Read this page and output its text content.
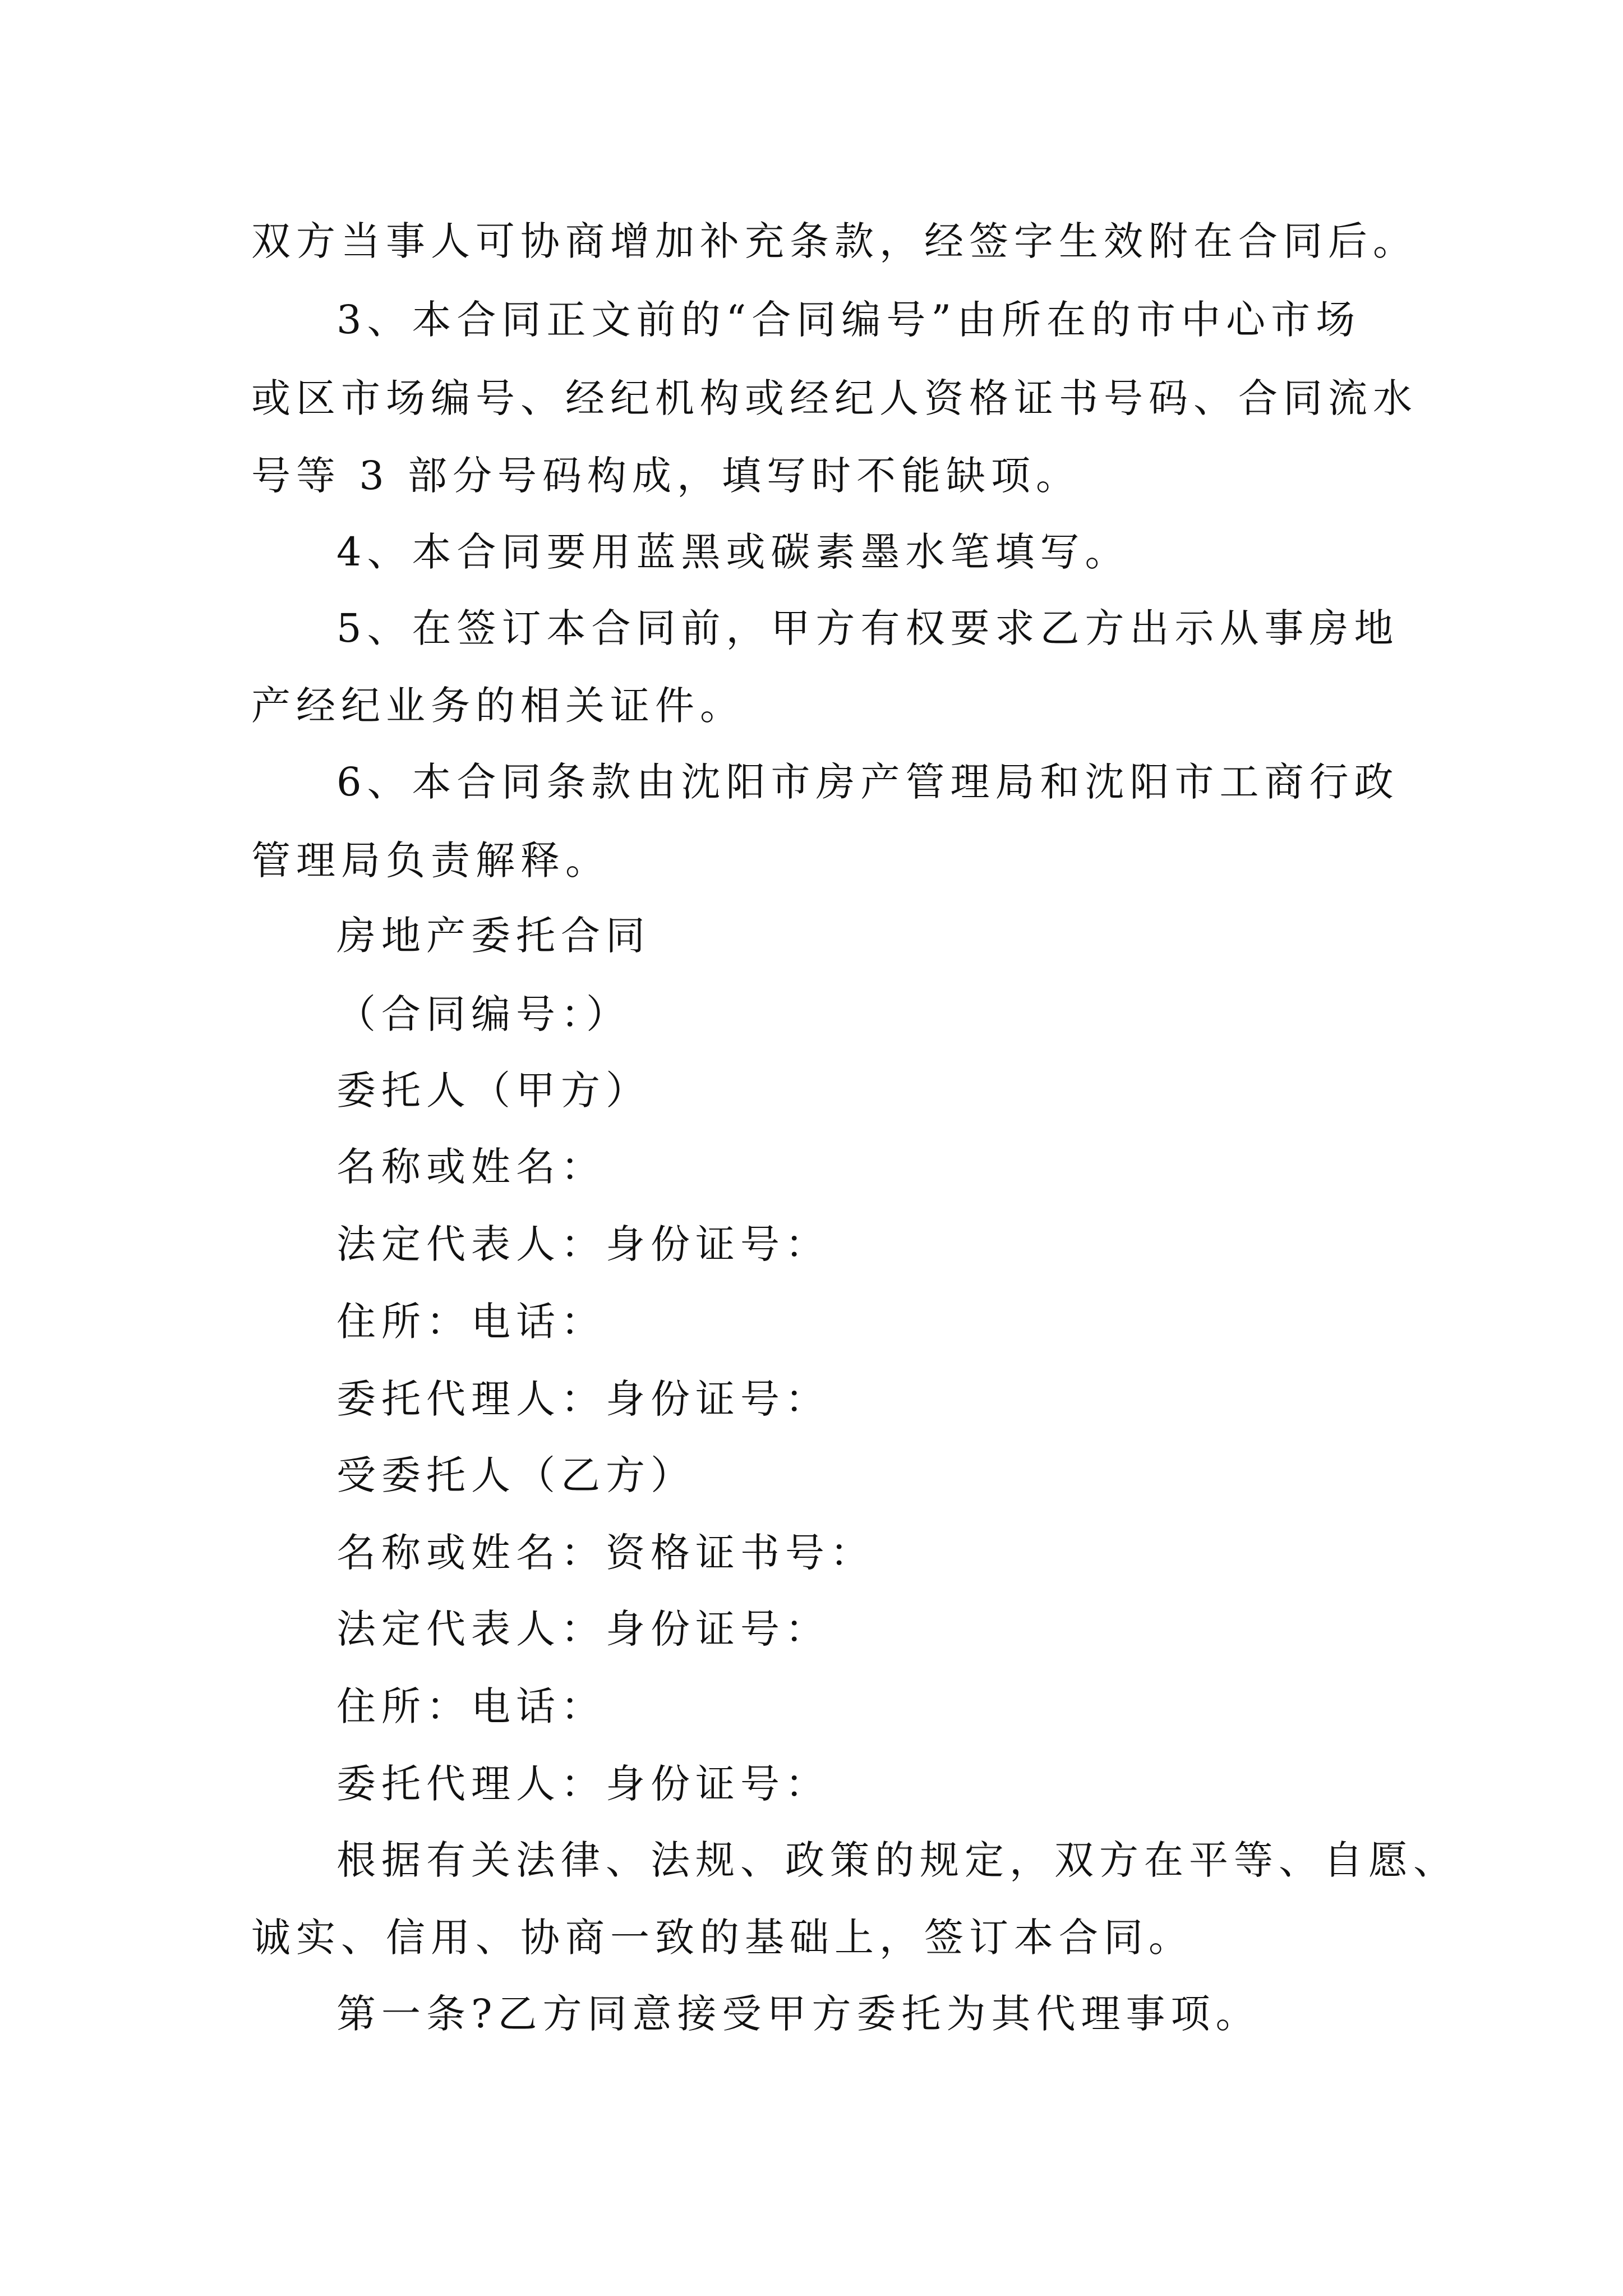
双方当事人可协商增加补充条款，经签字生效附在合同后。
3、本合同正文前的“合同编号”由所在的市中心市场
或区市场编号、经纪机构或经纪人资格证书号码、合同流水
号等 3 部分号码构成，填写时不能缺项。
4、本合同要用蓝黑或碳素墨水笔填写。
5、在签订本合同前，甲方有权要求乙方出示从事房地
产经纪业务的相关证件。
6、本合同条款由沈阳市房产管理局和沈阳市工商行政
管理局负责解释。
房地产委托合同
（合同编号：）
委托人（甲方）
名称或姓名：
法定代表人：身份证号：
住所：电话：
委托代理人：身份证号：
受委托人（乙方）
名称或姓名：资格证书号：
法定代表人：身份证号：
住所：电话：
委托代理人：身份证号：
根据有关法律、法规、政策的规定，双方在平等、自愿、
诚实、信用、协商一致的基础上，签订本合同。
第一条?乙方同意接受甲方委托为其代理事项。
